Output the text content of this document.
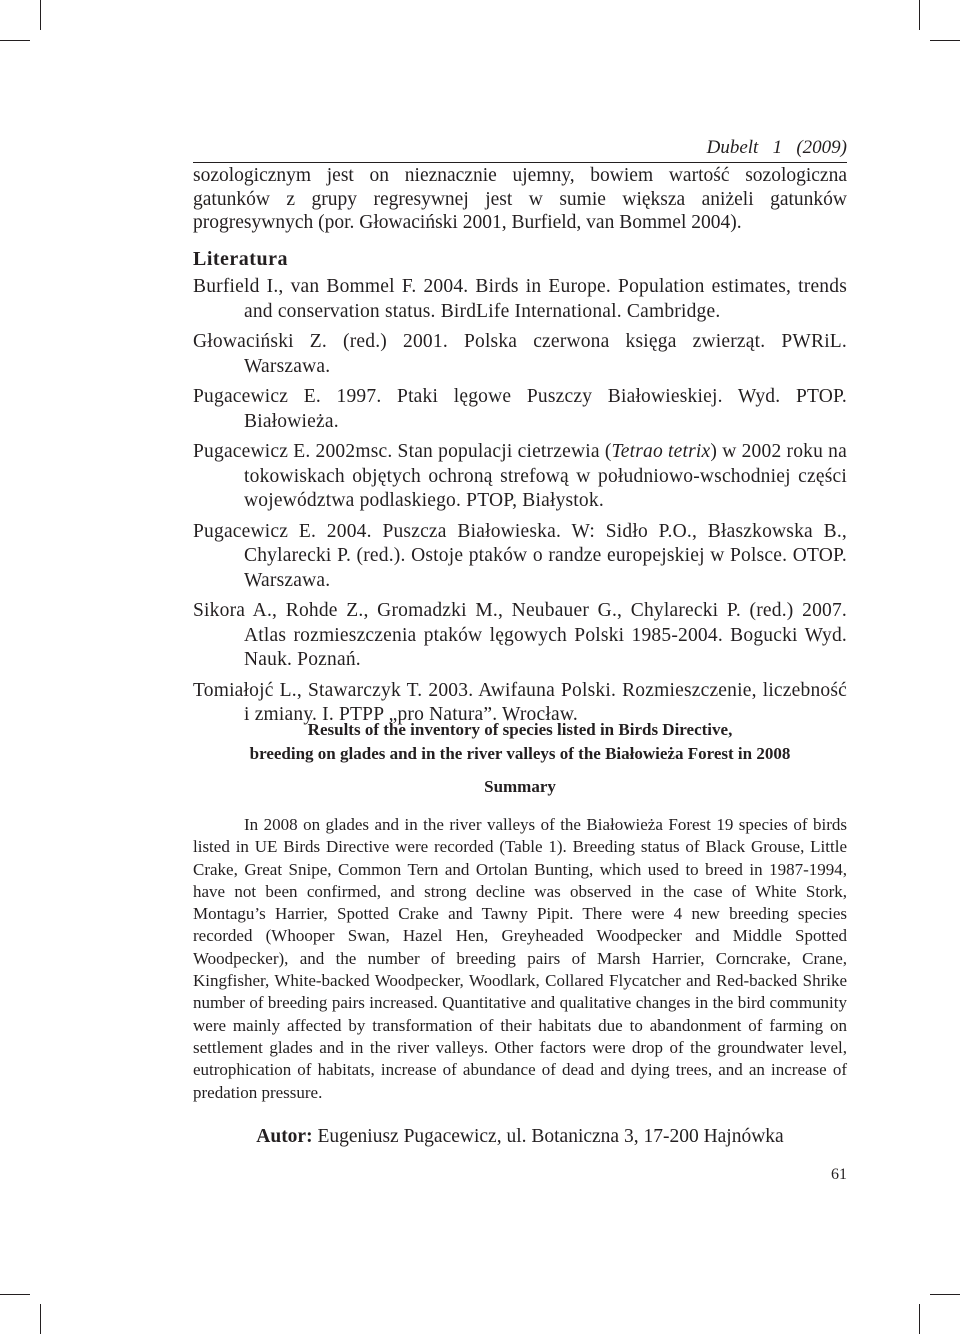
Dubelt   1   (2009)
sozologicznym jest on nieznacznie ujemny, bowiem wartość sozologiczna gatunków z grupy regresywnej jest w sumie większa aniżeli gatunków progresywnych (por. Głowaciński 2001, Burfield, van Bommel 2004).
Literatura
Burfield I., van Bommel F. 2004. Birds in Europe. Population estimates, trends and conservation status. BirdLife International. Cambridge.
Głowaciński Z. (red.) 2001. Polska czerwona księga zwierząt. PWRiL. Warszawa.
Pugacewicz E. 1997. Ptaki lęgowe Puszczy Białowieskiej. Wyd. PTOP. Białowieża.
Pugacewicz E. 2002msc. Stan populacji cietrzewia (Tetrao tetrix) w 2002 roku na tokowiskach objętych ochroną strefową w południowo-wschodniej części województwa podlaskiego. PTOP, Białystok.
Pugacewicz E. 2004. Puszcza Białowieska. W: Sidło P.O., Błaszkowska B., Chylarecki P. (red.). Ostoje ptaków o randze europejskiej w Polsce. OTOP. Warszawa.
Sikora A., Rohde Z., Gromadzki M., Neubauer G., Chylarecki P. (red.) 2007. Atlas rozmieszczenia ptaków lęgowych Polski 1985-2004. Bogucki Wyd. Nauk. Poznań.
Tomiałojć L., Stawarczyk T. 2003. Awifauna Polski. Rozmieszczenie, liczebność i zmiany. I. PTPP „pro Natura”. Wrocław.
Results of the inventory of species listed in Birds Directive,
breeding on glades and in the river valleys of the Białowieża Forest in 2008
Summary
In 2008 on glades and in the river valleys of the Białowieża Forest 19 species of birds listed in UE Birds Directive were recorded (Table 1). Breeding status of Black Grouse, Little Crake, Great Snipe, Common Tern and Ortolan Bunting, which used to breed in 1987-1994, have not been confirmed, and strong decline was observed in the case of White Stork, Montagu’s Harrier, Spotted Crake and Tawny Pipit. There were 4 new breeding species recorded (Whooper Swan, Hazel Hen, Greyheaded Woodpecker and Middle Spotted Woodpecker), and the number of breeding pairs of Marsh Harrier, Corncrake, Crane, Kingfisher, White-backed Woodpecker, Woodlark, Collared Flycatcher and Red-backed Shrike number of breeding pairs increased. Quantitative and qualitative changes in the bird community were mainly affected by transformation of their habitats due to abandonment of farming on settlement glades and in the river valleys. Other factors were drop of the groundwater level, eutrophication of habitats, increase of abundance of dead and dying trees, and an increase of predation pressure.
Autor: Eugeniusz Pugacewicz, ul. Botaniczna 3, 17-200 Hajnówka
61
